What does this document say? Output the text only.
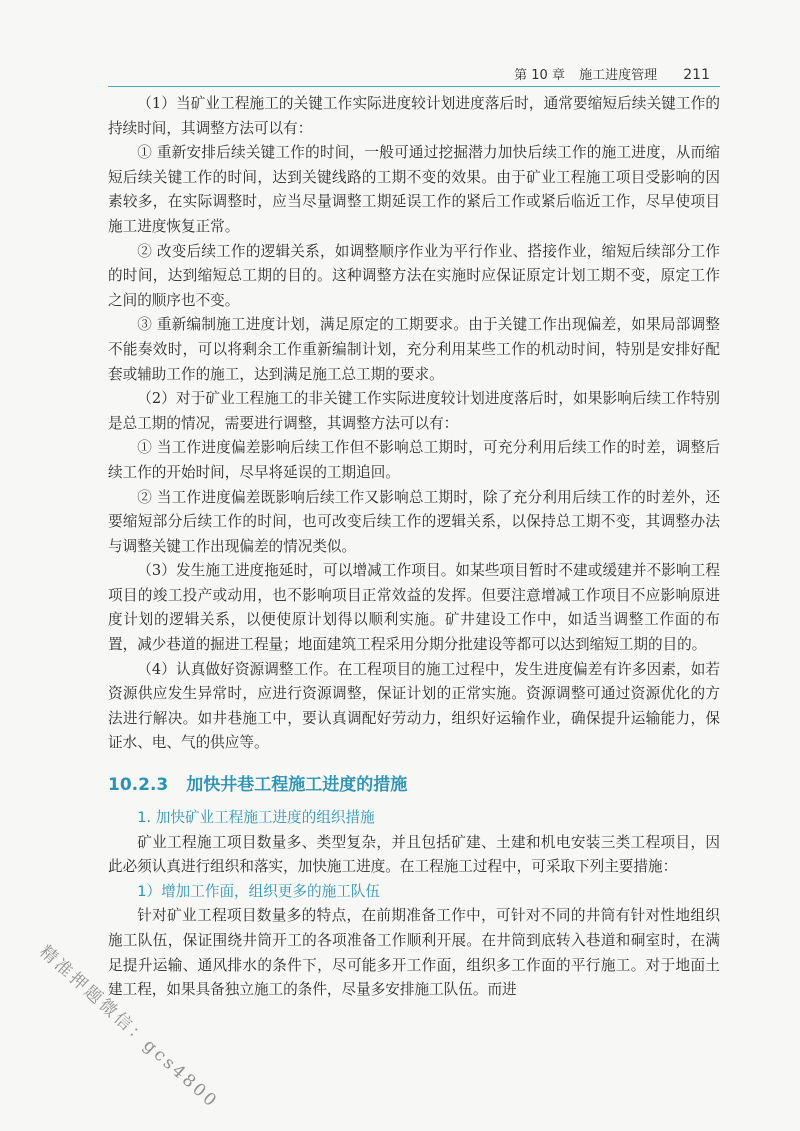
第 10 章 施工进度管理 211

（1）当矿业工程施工的关键工作实际进度较计划进度落后时，通常要缩短后续关键工作的持续时间，其调整方法可以有：

① 重新安排后续关键工作的时间，一般可通过挖掘潜力加快后续工作的施工进度，从而缩短后续关键工作的时间，达到关键线路的工期不变的效果。由于矿业工程施工项目受影响的因素较多，在实际调整时，应当尽量调整工期延误工作的紧后工作或紧后临近工作，尽早使项目施工进度恢复正常。

② 改变后续工作的逻辑关系，如调整顺序作业为平行作业、搭接作业，缩短后续部分工作的时间，达到缩短总工期的目的。这种调整方法在实施时应保证原定计划工期不变，原定工作之间的顺序也不变。

③ 重新编制施工进度计划，满足原定的工期要求。由于关键工作出现偏差，如果局部调整不能奏效时，可以将剩余工作重新编制计划，充分利用某些工作的机动时间，特别是安排好配套或辅助工作的施工，达到满足施工总工期的要求。

（2）对于矿业工程施工的非关键工作实际进度较计划进度落后时，如果影响后续工作特别是总工期的情况，需要进行调整，其调整方法可以有：

① 当工作进度偏差影响后续工作但不影响总工期时，可充分利用后续工作的时差，调整后续工作的开始时间，尽早将延误的工期追回。

② 当工作进度偏差既影响后续工作又影响总工期时，除了充分利用后续工作的时差外，还要缩短部分后续工作的时间，也可改变后续工作的逻辑关系，以保持总工期不变，其调整办法与调整关键工作出现偏差的情况类似。

（3）发生施工进度拖延时，可以增减工作项目。如某些项目暂时不建或缓建并不影响工程项目的竣工投产或动用，也不影响项目正常效益的发挥。但要注意增减工作项目不应影响原进度计划的逻辑关系，以便使原计划得以顺利实施。矿井建设工作中，如适当调整工作面的布置，减少巷道的掘进工程量；地面建筑工程采用分期分批建设等都可以达到缩短工期的目的。

（4）认真做好资源调整工作。在工程项目的施工过程中，发生进度偏差有许多因素，如若资源供应发生异常时，应进行资源调整，保证计划的正常实施。资源调整可通过资源优化的方法进行解决。如井巷施工中，要认真调配好劳动力，组织好运输作业，确保提升运输能力，保证水、电、气的供应等。

10.2.3 加快井巷工程施工进度的措施

1. 加快矿业工程施工进度的组织措施

矿业工程施工项目数量多、类型复杂，并且包括矿建、土建和机电安装三类工程项目，因此必须认真进行组织和落实，加快施工进度。在工程施工过程中，可采取下列主要措施：

1）增加工作面，组织更多的施工队伍

针对矿业工程项目数量多的特点，在前期准备工作中，可针对不同的井筒有针对性地组织施工队伍，保证围绕井筒开工的各项准备工作顺利开展。在井筒到底转入巷道和硐室时，在满足提升运输、通风排水的条件下，尽可能多开工作面，组织多工作面的平行施工。对于地面土建工程，如果具备独立施工的条件，尽量多安排施工队伍。而进

精准押题微信：gcs4800
